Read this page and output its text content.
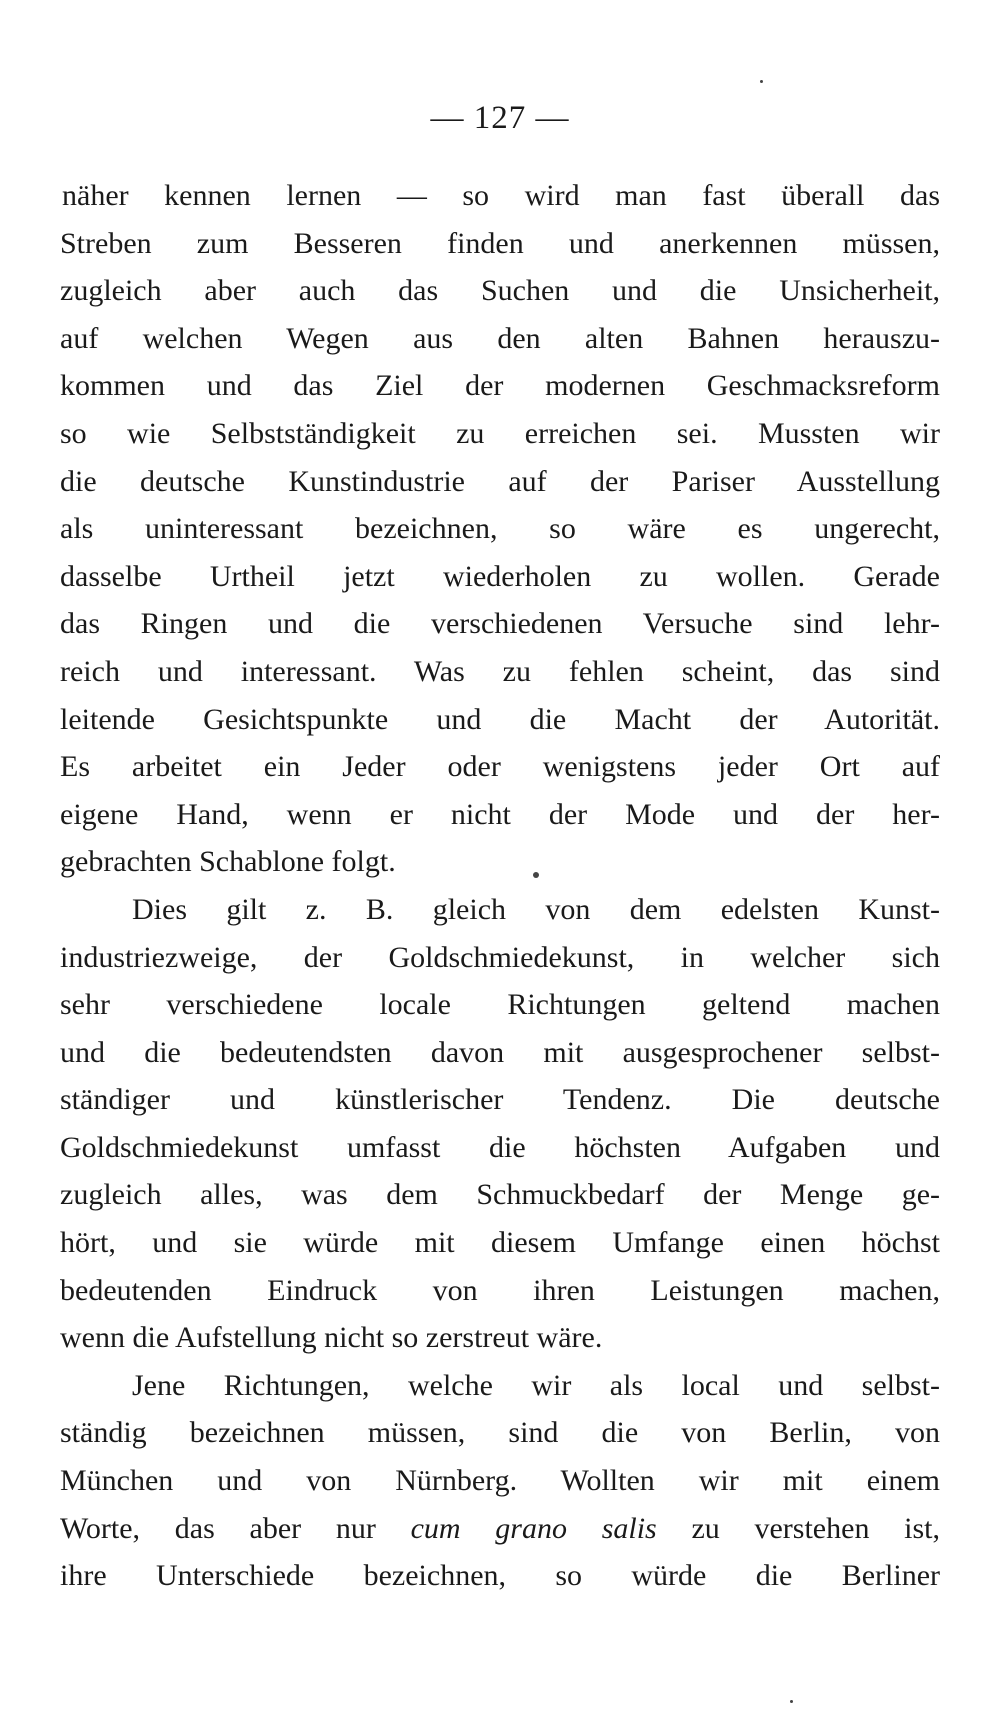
— 127 —
näher kennen lernen — so wird man fast überall das
Streben zum Besseren finden und anerkennen müssen,
zugleich aber auch das Suchen und die Unsicherheit,
auf welchen Wegen aus den alten Bahnen herauszu-
kommen und das Ziel der modernen Geschmacksreform
so wie Selbstständigkeit zu erreichen sei. Mussten wir
die deutsche Kunstindustrie auf der Pariser Ausstellung
als uninteressant bezeichnen, so wäre es ungerecht,
dasselbe Urtheil jetzt wiederholen zu wollen. Gerade
das Ringen und die verschiedenen Versuche sind lehr-
reich und interessant. Was zu fehlen scheint, das sind
leitende Gesichtspunkte und die Macht der Autorität.
Es arbeitet ein Jeder oder wenigstens jeder Ort auf
eigene Hand, wenn er nicht der Mode und der her-
gebrachten Schablone folgt.
Dies gilt z. B. gleich von dem edelsten Kunst-
industriezweige, der Goldschmiedekunst, in welcher sich
sehr verschiedene locale Richtungen geltend machen
und die bedeutendsten davon mit ausgesprochener selbst-
ständiger und künstlerischer Tendenz. Die deutsche
Goldschmiedekunst umfasst die höchsten Aufgaben und
zugleich alles, was dem Schmuckbedarf der Menge ge-
hört, und sie würde mit diesem Umfange einen höchst
bedeutenden Eindruck von ihren Leistungen machen,
wenn die Aufstellung nicht so zerstreut wäre.
Jene Richtungen, welche wir als local und selbst-
ständig bezeichnen müssen, sind die von Berlin, von
München und von Nürnberg. Wollten wir mit einem
Worte, das aber nur cum grano salis zu verstehen ist,
ihre Unterschiede bezeichnen, so würde die Berliner
